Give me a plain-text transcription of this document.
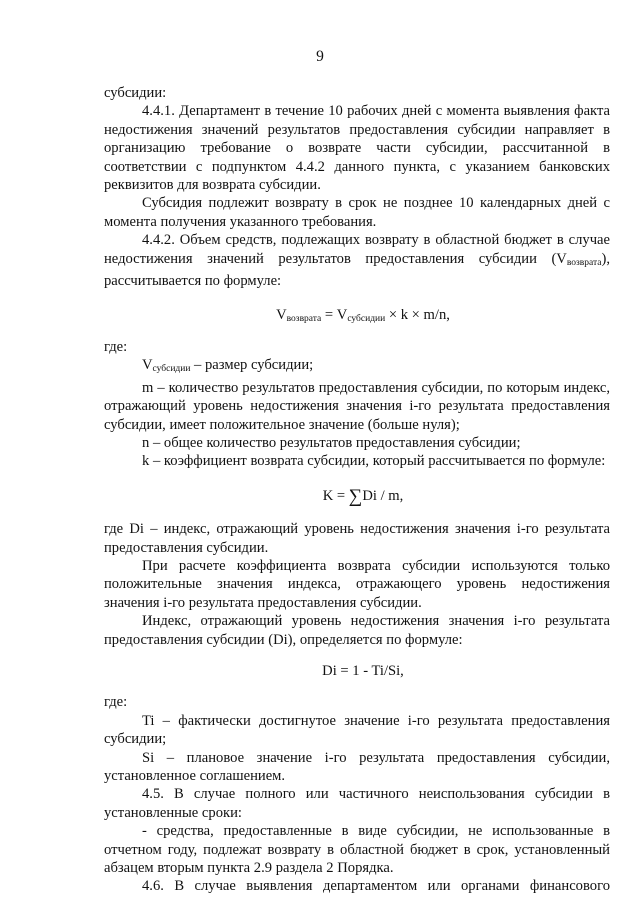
9

субсидии:

4.4.1. Департамент в течение 10 рабочих дней с момента выявления факта недостижения значений результатов предоставления субсидии направляет в организацию требование о возврате части субсидии, рассчитанной в соответствии с подпунктом 4.4.2 данного пункта, с указанием банковских реквизитов для возврата субсидии.

Субсидия подлежит возврату в срок не позднее 10 календарных дней с момента получения указанного требования.

4.4.2. Объем средств, подлежащих возврату в областной бюджет в случае недостижения значений результатов предоставления субсидии $(V_{возврата})$, рассчитывается по формуле:

$V_{возврата} = V_{субсидии} \times k \times m/n$,

где:

$V_{субсидии}$ – размер субсидии;

m – количество результатов предоставления субсидии, по которым индекс, отражающий уровень недостижения значения i-го результата предоставления субсидии, имеет положительное значение (больше нуля);

n – общее количество результатов предоставления субсидии;

k – коэффициент возврата субсидии, который рассчитывается по формуле:

K = ∑Di / m,

где Di – индекс, отражающий уровень недостижения значения i-го результата предоставления субсидии.

При расчете коэффициента возврата субсидии используются только положительные значения индекса, отражающего уровень недостижения значения i-го результата предоставления субсидии.

Индекс, отражающий уровень недостижения значения i-го результата предоставления субсидии (Di), определяется по формуле:

Di = 1 - Ti/Si,

где:

Ti – фактически достигнутое значение i-го результата предоставления субсидии;

Si – плановое значение i-го результата предоставления субсидии, установленное соглашением.

4.5. В случае полного или частичного неиспользования субсидии в установленные сроки:

- средства, предоставленные в виде субсидии, не использованные в отчетном году, подлежат возврату в областной бюджет в срок, установленный абзацем вторым пункта 2.9 раздела 2 Порядка.

4.6. В случае выявления департаментом или органами финансового
